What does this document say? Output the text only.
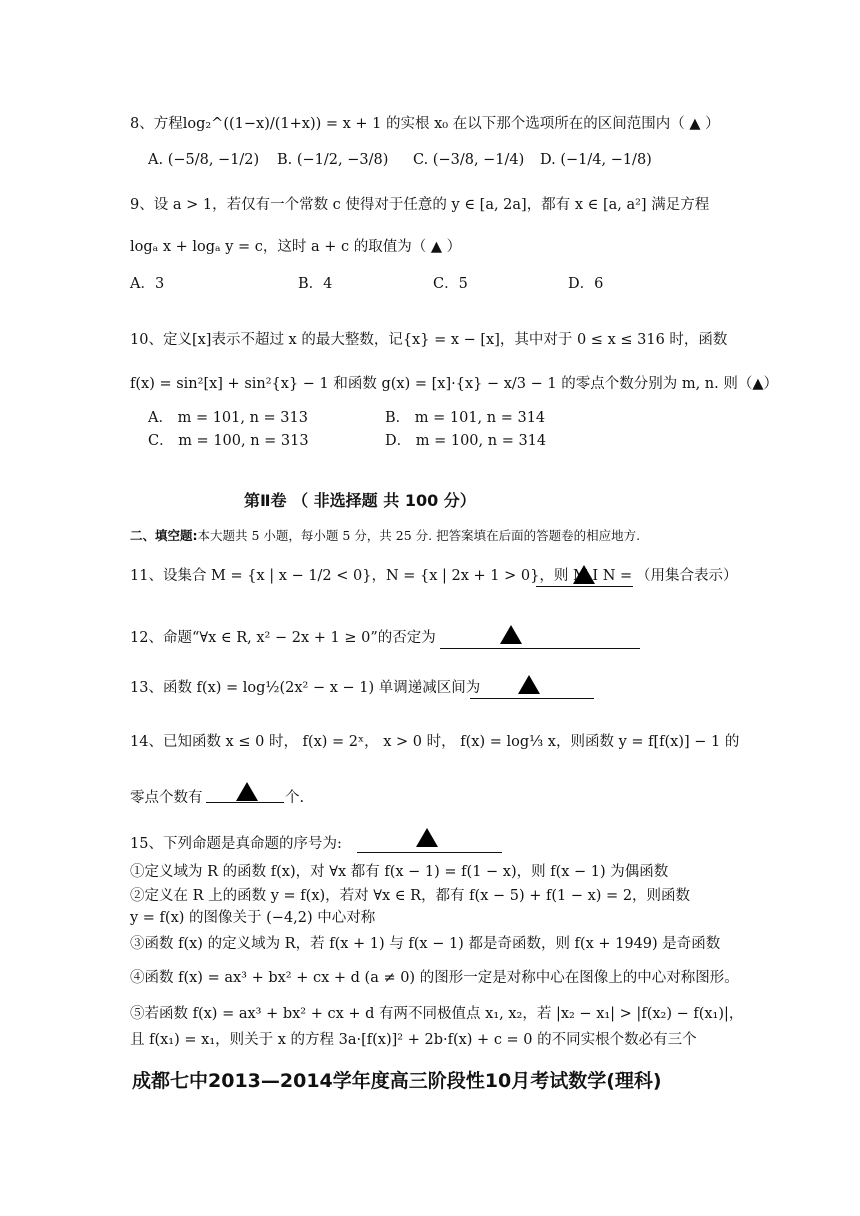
8、方程log₂^((1−x)/(1+x)) = x + 1 的实根 x₀ 在以下那个选项所在的区间范围内（ ▲ ）
A. (−5/8, −1/2) B. (−1/2, −3/8) C. (−3/8, −1/4) D. (−1/4, −1/8)
9、设 a > 1，若仅有一个常数 c 使得对于任意的 y ∈ [a, 2a]，都有 x ∈ [a, a²] 满足方程
logₐ x + logₐ y = c，这时 a + c 的取值为（ ▲ ）
A．3	B．4	C．5	D．6
10、定义[x]表示不超过 x 的最大整数，记{x} = x − [x]，其中对于 0 ≤ x ≤ 316 时，函数
f(x) = sin²[x] + sin²{x} − 1 和函数 g(x) = [x]·{x} − x/3 − 1 的零点个数分别为 m, n. 则（▲）
A． m = 101, n = 313	B． m = 101, n = 314
C． m = 100, n = 313	D． m = 100, n = 314
第Ⅱ卷 （ 非选择题 共 100 分）
二、填空题:本大题共 5 小题，每小题 5 分，共 25 分. 把答案填在后面的答题卷的相应地方.
11、设集合 M = {x | x − 1/2 < 0}，N = {x | 2x + 1 > 0}，则 M I N = （用集合表示）
12、命题“∀x ∈ R, x² − 2x + 1 ≥ 0”的否定为
13、函数 f(x) = log½(2x² − x − 1) 单调递减区间为
14、已知函数 x ≤ 0 时， f(x) = 2ˣ， x > 0 时， f(x) = log⅓ x，则函数 y = f[f(x)] − 1 的
零点个数有	个.
15、下列命题是真命题的序号为:
①定义域为 R 的函数 f(x)，对 ∀x 都有 f(x − 1) = f(1 − x)，则 f(x − 1) 为偶函数
②定义在 R 上的函数 y = f(x)，若对 ∀x ∈ R，都有 f(x − 5) + f(1 − x) = 2，则函数
y = f(x) 的图像关于 (−4,2) 中心对称
③函数 f(x) 的定义域为 R，若 f(x + 1) 与 f(x − 1) 都是奇函数，则 f(x + 1949) 是奇函数
④函数 f(x) = ax³ + bx² + cx + d (a ≠ 0) 的图形一定是对称中心在图像上的中心对称图形。
⑤若函数 f(x) = ax³ + bx² + cx + d 有两不同极值点 x₁, x₂，若 |x₂ − x₁| > |f(x₂) − f(x₁)|，
且 f(x₁) = x₁，则关于 x 的方程 3a·[f(x)]² + 2b·f(x) + c = 0 的不同实根个数必有三个
成都七中2013—2014学年度高三阶段性10月考试数学(理科)
